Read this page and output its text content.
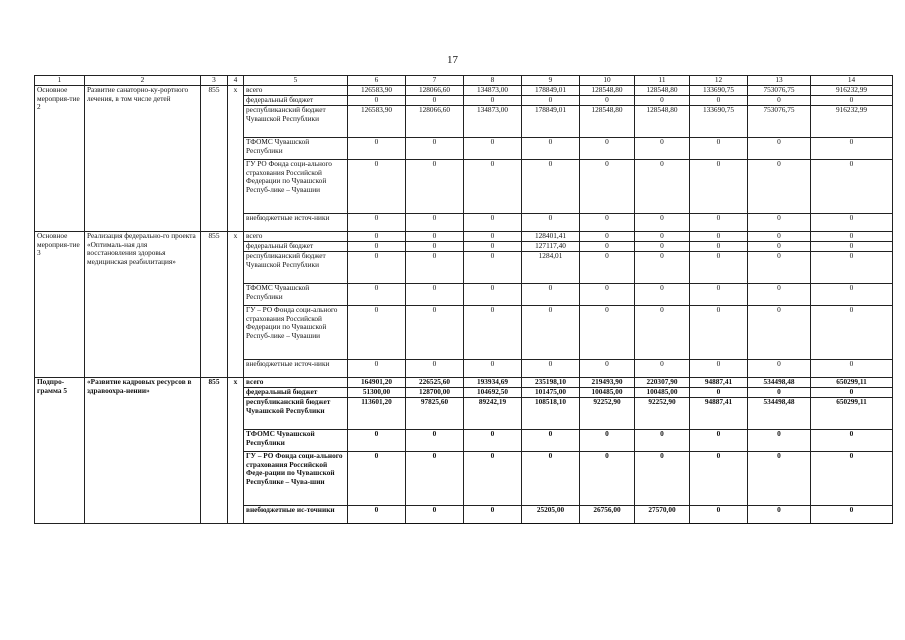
17
1	2	3	4	5	6	7	8	9	10	11	12	13	14
Основное мероприя-тие 2	Развитие санаторно-ку-рортного лечения, в том числе детей	855	х	всего	126583,90	128066,60	134873,00	178849,01	128548,80	128548,80	133690,75	753076,75	916232,99
				федеральный бюджет	0	0	0	0	0	0	0	0	0
				республиканский бюджет Чувашской Республики	126583,90	128066,60	134873,00	178849,01	128548,80	128548,80	133690,75	753076,75	916232,99
				ТФОМС Чувашской Республики	0	0	0	0	0	0	0	0	0
				ГУ РО Фонда соци-ального страхования Российской Федерации по Чувашской Респуб-лике – Чувашии	0	0	0	0	0	0	0	0	0
				внебюджетные источ-ники	0	0	0	0	0	0	0	0	0
Основное мероприя-тие 3	Реализация федерально-го проекта «Оптималь-ная для восстановления здоровья медицинская реабилитация»	855	х	всего	0	0	0	128401,41	0	0	0	0	0
				федеральный бюджет	0	0	0	127117,40	0	0	0	0	0
				республиканский бюджет Чувашской Республики	0	0	0	1284,01	0	0	0	0	0
				ТФОМС Чувашской Республики	0	0	0	0	0	0	0	0	0
				ГУ – РО Фонда соци-ального страхования Российской Федерации по Чувашской Респуб-лике – Чувашии	0	0	0	0	0	0	0	0	0
				внебюджетные источ-ники	0	0	0	0	0	0	0	0	0
Подпро-грамма 5	«Развитие кадровых ресурсов в здравоохра-нении»	855	х	всего	164901,20	226525,60	193934,69	235198,10	219493,90	220307,90	94887,41	534498,48	650299,11
				федеральный бюджет	51300,00	128700,00	104692,50	101475,00	100485,00	100485,00	0	0	0
				республиканский бюджет Чувашской Республики	113601,20	97825,60	89242,19	108518,10	92252,90	92252,90	94887,41	534498,48	650299,11
				ТФОМС Чувашской Республики	0	0	0	0	0	0	0	0	0
				ГУ – РО Фонда соци-ального страхования Российской Феде-рации по Чувашской Республике – Чува-шии	0	0	0	0	0	0	0	0	0
				внебюджетные ис-точники	0	0	0	25205,00	26756,00	27570,00	0	0	0
